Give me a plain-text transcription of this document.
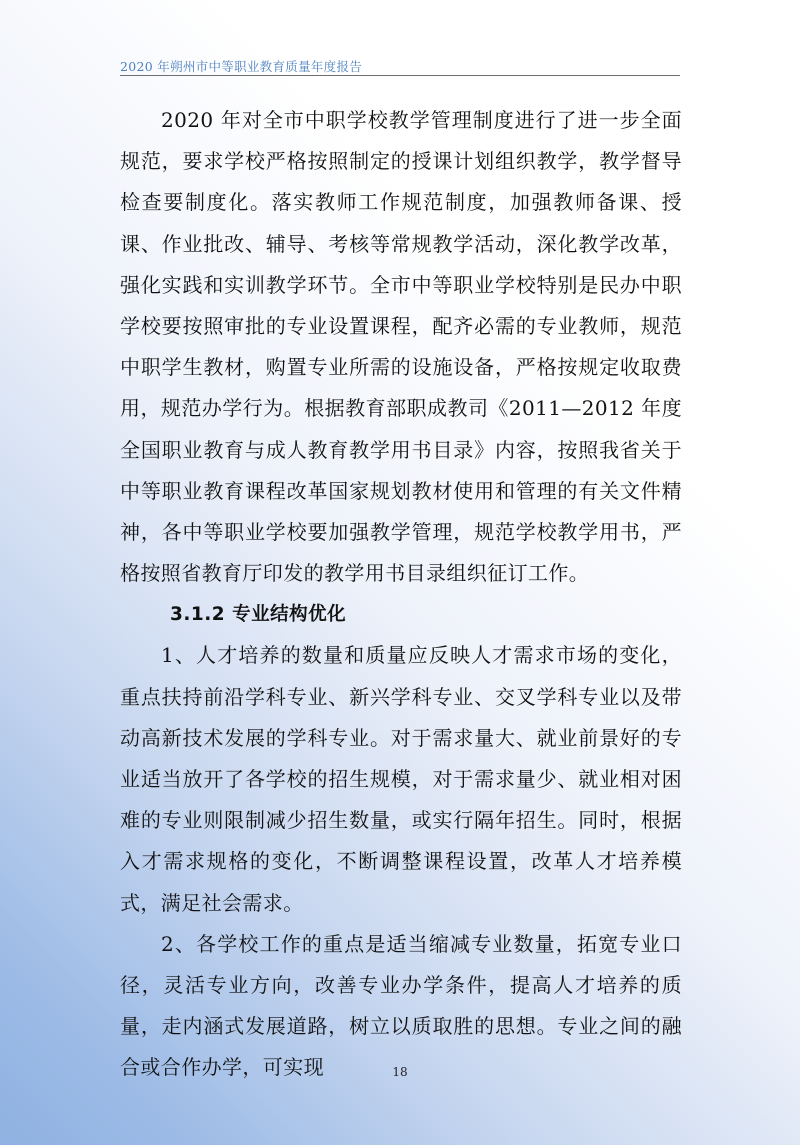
2020 年朔州市中等职业教育质量年度报告

2020 年对全市中职学校教学管理制度进行了进一步全面规范，要求学校严格按照制定的授课计划组织教学，教学督导检查要制度化。落实教师工作规范制度，加强教师备课、授课、作业批改、辅导、考核等常规教学活动，深化教学改革，强化实践和实训教学环节。全市中等职业学校特别是民办中职学校要按照审批的专业设置课程，配齐必需的专业教师，规范中职学生教材，购置专业所需的设施设备，严格按规定收取费用，规范办学行为。根据教育部职成教司《2011—2012 年度全国职业教育与成人教育教学用书目录》内容，按照我省关于中等职业教育课程改革国家规划教材使用和管理的有关文件精神，各中等职业学校要加强教学管理，规范学校教学用书，严格按照省教育厅印发的教学用书目录组织征订工作。

3.1.2 专业结构优化

1、人才培养的数量和质量应反映人才需求市场的变化，重点扶持前沿学科专业、新兴学科专业、交叉学科专业以及带动高新技术发展的学科专业。对于需求量大、就业前景好的专业适当放开了各学校的招生规模，对于需求量少、就业相对困难的专业则限制减少招生数量，或实行隔年招生。同时，根据入才需求规格的变化，不断调整课程设置，改革人才培养模式，满足社会需求。

2、各学校工作的重点是适当缩减专业数量，拓宽专业口径，灵活专业方向，改善专业办学条件，提高人才培养的质量，走内涵式发展道路，树立以质取胜的思想。专业之间的融合或合作办学，可实现	18
